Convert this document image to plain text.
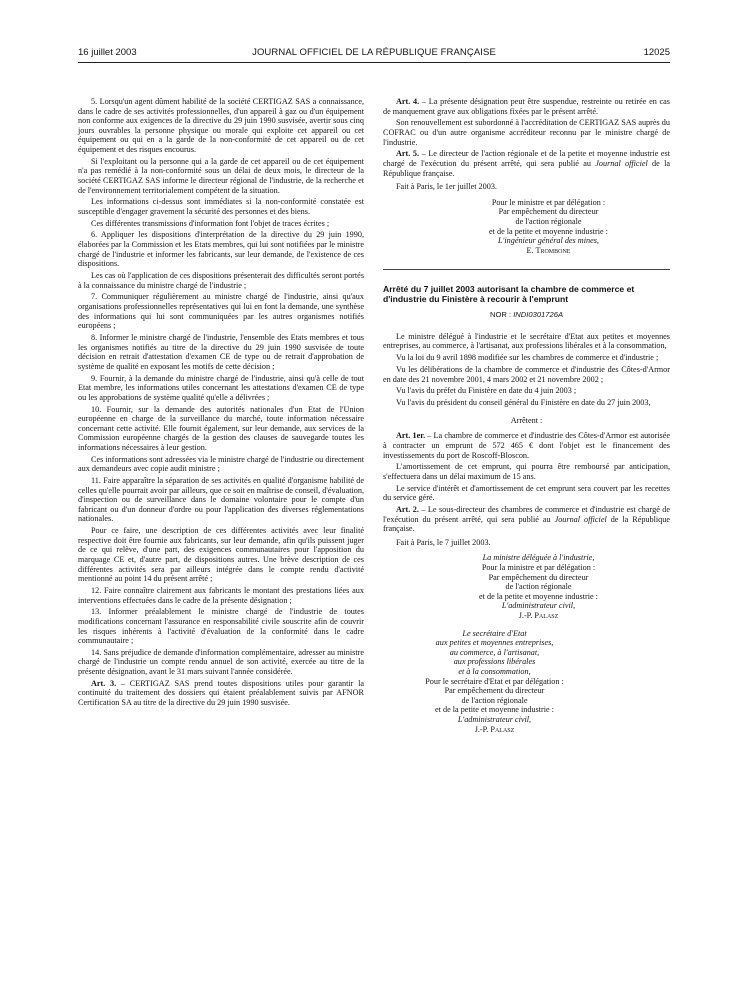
16 juillet 2003	JOURNAL OFFICIEL DE LA RÉPUBLIQUE FRANÇAISE	12025

5. Lorsqu'un agent dûment habilité de la société CERTIGAZ SAS a connaissance, dans le cadre de ses activités professionnelles, d'un appareil à gaz ou d'un équipement non conforme aux exigences de la directive du 29 juin 1990 susvisée, avertir sous cinq jours ouvrables la personne physique ou morale qui exploite cet appareil ou cet équipement ou qui en a la garde de la non-conformité de cet appareil ou de cet équipement et des risques encourus.

Si l'exploitant ou la personne qui a la garde de cet appareil ou de cet équipement n'a pas remédié à la non-conformité sous un délai de deux mois, le directeur de la société CERTIGAZ SAS informe le directeur régional de l'industrie, de la recherche et de l'environnement territorialement compétent de la situation.

Les informations ci-dessus sont immédiates si la non-conformité constatée est susceptible d'engager gravement la sécurité des personnes et des biens.

Ces différentes transmissions d'information font l'objet de traces écrites ;

6. Appliquer les dispositions d'interprétation de la directive du 29 juin 1990, élaborées par la Commission et les Etats membres, qui lui sont notifiées par le ministre chargé de l'industrie et informer les fabricants, sur leur demande, de l'existence de ces dispositions.

Les cas où l'application de ces dispositions présenterait des difficultés seront portés à la connaissance du ministre chargé de l'industrie ;

7. Communiquer régulièrement au ministre chargé de l'industrie, ainsi qu'aux organisations professionnelles représentatives qui lui en font la demande, une synthèse des informations qui lui sont communiquées par les autres organismes notifiés européens ;

8. Informer le ministre chargé de l'industrie, l'ensemble des Etats membres et tous les organismes notifiés au titre de la directive du 29 juin 1990 susvisée de toute décision en retrait d'attestation d'examen CE de type ou de retrait d'approbation de système de qualité en exposant les motifs de cette décision ;

9. Fournir, à la demande du ministre chargé de l'industrie, ainsi qu'à celle de tout Etat membre, les informations utiles concernant les attestations d'examen CE de type ou les approbations de système qualité qu'elle a délivrées ;

10. Fournir, sur la demande des autorités nationales d'un Etat de l'Union européenne en charge de la surveillance du marché, toute information nécessaire concernant cette activité. Elle fournit également, sur leur demande, aux services de la Commission européenne chargés de la gestion des clauses de sauvegarde toutes les informations nécessaires à leur gestion.

Ces informations sont adressées via le ministre chargé de l'industrie ou directement aux demandeurs avec copie audit ministre ;

11. Faire apparaître la séparation de ses activités en qualité d'organisme habilité de celles qu'elle pourrait avoir par ailleurs, que ce soit en maîtrise de conseil, d'évaluation, d'inspection ou de surveillance dans le domaine volontaire pour le compte d'un fabricant ou d'un donneur d'ordre ou pour l'application des diverses réglementations nationales.

Pour ce faire, une description de ces différentes activités avec leur finalité respective doit être fournie aux fabricants, sur leur demande, afin qu'ils puissent juger de ce qui relève, d'une part, des exigences communautaires pour l'apposition du marquage CE et, d'autre part, de dispositions autres. Une brève description de ces différentes activités sera par ailleurs intégrée dans le compte rendu d'activité mentionné au point 14 du présent arrêté ;

12. Faire connaître clairement aux fabricants le montant des prestations liées aux interventions effectuées dans le cadre de la présente désignation ;

13. Informer préalablement le ministre chargé de l'industrie de toutes modifications concernant l'assurance en responsabilité civile souscrite afin de couvrir les risques inhérents à l'activité d'évaluation de la conformité dans le cadre communautaire ;

14. Sans préjudice de demande d'information complémentaire, adresser au ministre chargé de l'industrie un compte rendu annuel de son activité, exercée au titre de la présente désignation, avant le 31 mars suivant l'année considérée.

Art. 3. – CERTIGAZ SAS prend toutes dispositions utiles pour garantir la continuité du traitement des dossiers qui étaient préalablement suivis par AFNOR Certification SA au titre de la directive du 29 juin 1990 susvisée.

Art. 4. – La présente désignation peut être suspendue, restreinte ou retirée en cas de manquement grave aux obligations fixées par le présent arrêté.

Son renouvellement est subordonné à l'accréditation de CERTIGAZ SAS auprès du COFRAC ou d'un autre organisme accréditeur reconnu par le ministre chargé de l'industrie.

Art. 5. – Le directeur de l'action régionale et de la petite et moyenne industrie est chargé de l'exécution du présent arrêté, qui sera publié au Journal officiel de la République française.

Fait à Paris, le 1er juillet 2003.

Pour le ministre et par délégation :
Par empêchement du directeur
de l'action régionale
et de la petite et moyenne industrie :
L'ingénieur général des mines,
E. Trombone
Arrêté du 7 juillet 2003 autorisant la chambre de commerce et d'industrie du Finistère à recourir à l'emprunt
NOR : INDI0301726A

Le ministre délégué à l'industrie et le secrétaire d'Etat aux petites et moyennes entreprises, au commerce, à l'artisanat, aux professions libérales et à la consommation,

Vu la loi du 9 avril 1898 modifiée sur les chambres de commerce et d'industrie ;

Vu les délibérations de la chambre de commerce et d'industrie des Côtes-d'Armor en date des 21 novembre 2001, 4 mars 2002 et 21 novembre 2002 ;

Vu l'avis du préfet du Finistère en date du 4 juin 2003 ;

Vu l'avis du président du conseil général du Finistère en date du 27 juin 2003,

Arrêtent :

Art. 1er. – La chambre de commerce et d'industrie des Côtes-d'Armor est autorisée à contracter un emprunt de 572 465 € dont l'objet est le financement des investissements du port de Roscoff-Bloscon.

L'amortissement de cet emprunt, qui pourra être remboursé par anticipation, s'effectuera dans un délai maximum de 15 ans.

Le service d'intérêt et d'amortissement de cet emprunt sera couvert par les recettes du service géré.

Art. 2. – Le sous-directeur des chambres de commerce et d'industrie est chargé de l'exécution du présent arrêté, qui sera publié au Journal officiel de la République française.

Fait à Paris, le 7 juillet 2003.

La ministre déléguée à l'industrie,
Pour la ministre et par délégation :
Par empêchement du directeur
de l'action régionale
et de la petite et moyenne industrie :
L'administrateur civil,
J.-P. Palasz
Le secrétaire d'Etat
aux petites et moyennes entreprises,
au commerce, à l'artisanat,
aux professions libérales
et à la consommation,
Pour le secrétaire d'Etat et par délégation :
Par empêchement du directeur
de l'action régionale
et de la petite et moyenne industrie :
L'administrateur civil,
J.-P. Palasz
